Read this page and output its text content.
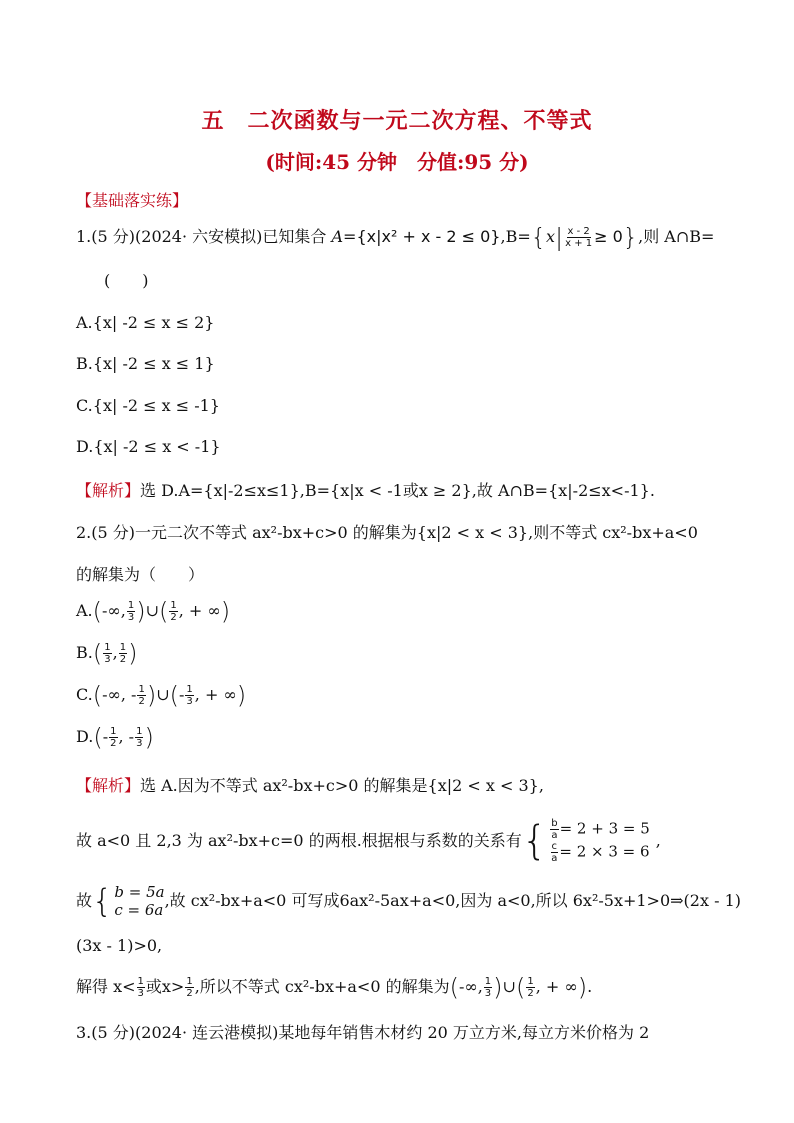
五　二次函数与一元二次方程、不等式
(时间:45 分钟　分值:95 分)
【基础落实练】
1.(5 分)(2024· 六安模拟)已知集合 $A=\{x|x^2 + x - 2 \le 0\},B=\{x| \frac{x - 2}{x + 1} \ge 0\}$,则 A∩B=
(　　)
A.{x| -2 ≤ x ≤ 2}
B.{x| -2 ≤ x ≤ 1}
C.{x| -2 ≤ x ≤ -1}
D.{x| -2 ≤ x < -1}
【解析】选 D.A={x|-2≤x≤1},B={x|x < -1或x ≥ 2},故 A∩B={x|-2≤x<-1}.
2.(5 分)一元二次不等式 ax²-bx+c>0 的解集为{x|2 < x < 3},则不等式 cx²-bx+a<0
的解集为（　　）
A.(-∞, $\frac{1}{3}$ )∪( $\frac{1}{2}$ , + ∞)
$B.( \frac{1}{3}$ , $\frac{1}{2}$ )
C.(-∞, - $\frac{1}{2}$ )∪(- $\frac{1}{3}$ , + ∞)
$D.(- \frac{1}{2}$ , - $\frac{1}{3}$ )
【解析】选 A.因为不等式 ax²-bx+c>0 的解集是{x|2 < x < 3},
故 a<0 且 2,3 为 ax²-bx+c=0 的两根.根据根与系数的关系有 { $\frac{b}{a} = 2 + 3 = 5$
$\frac{c}{a} = 2 \times 3 = 6$
,
故 { b = 5a
c = 6a ,故 cx²-bx+a<0 可写成6ax²-5ax+a<0,因为 a<0,所以 6x²-5x+1>0⇒(2x - 1)
(3x - 1)>0,
解得 $x< \frac{1}{3}$ 或$x> \frac{1}{2}$ ,所以不等式 cx²-bx+a<0 的解集为(-∞, $\frac{1}{3}$ )∪( $\frac{1}{2}$ , + ∞).
3.(5 分)(2024· 连云港模拟)某地每年销售木材约 20 万立方米,每立方米价格为 2
